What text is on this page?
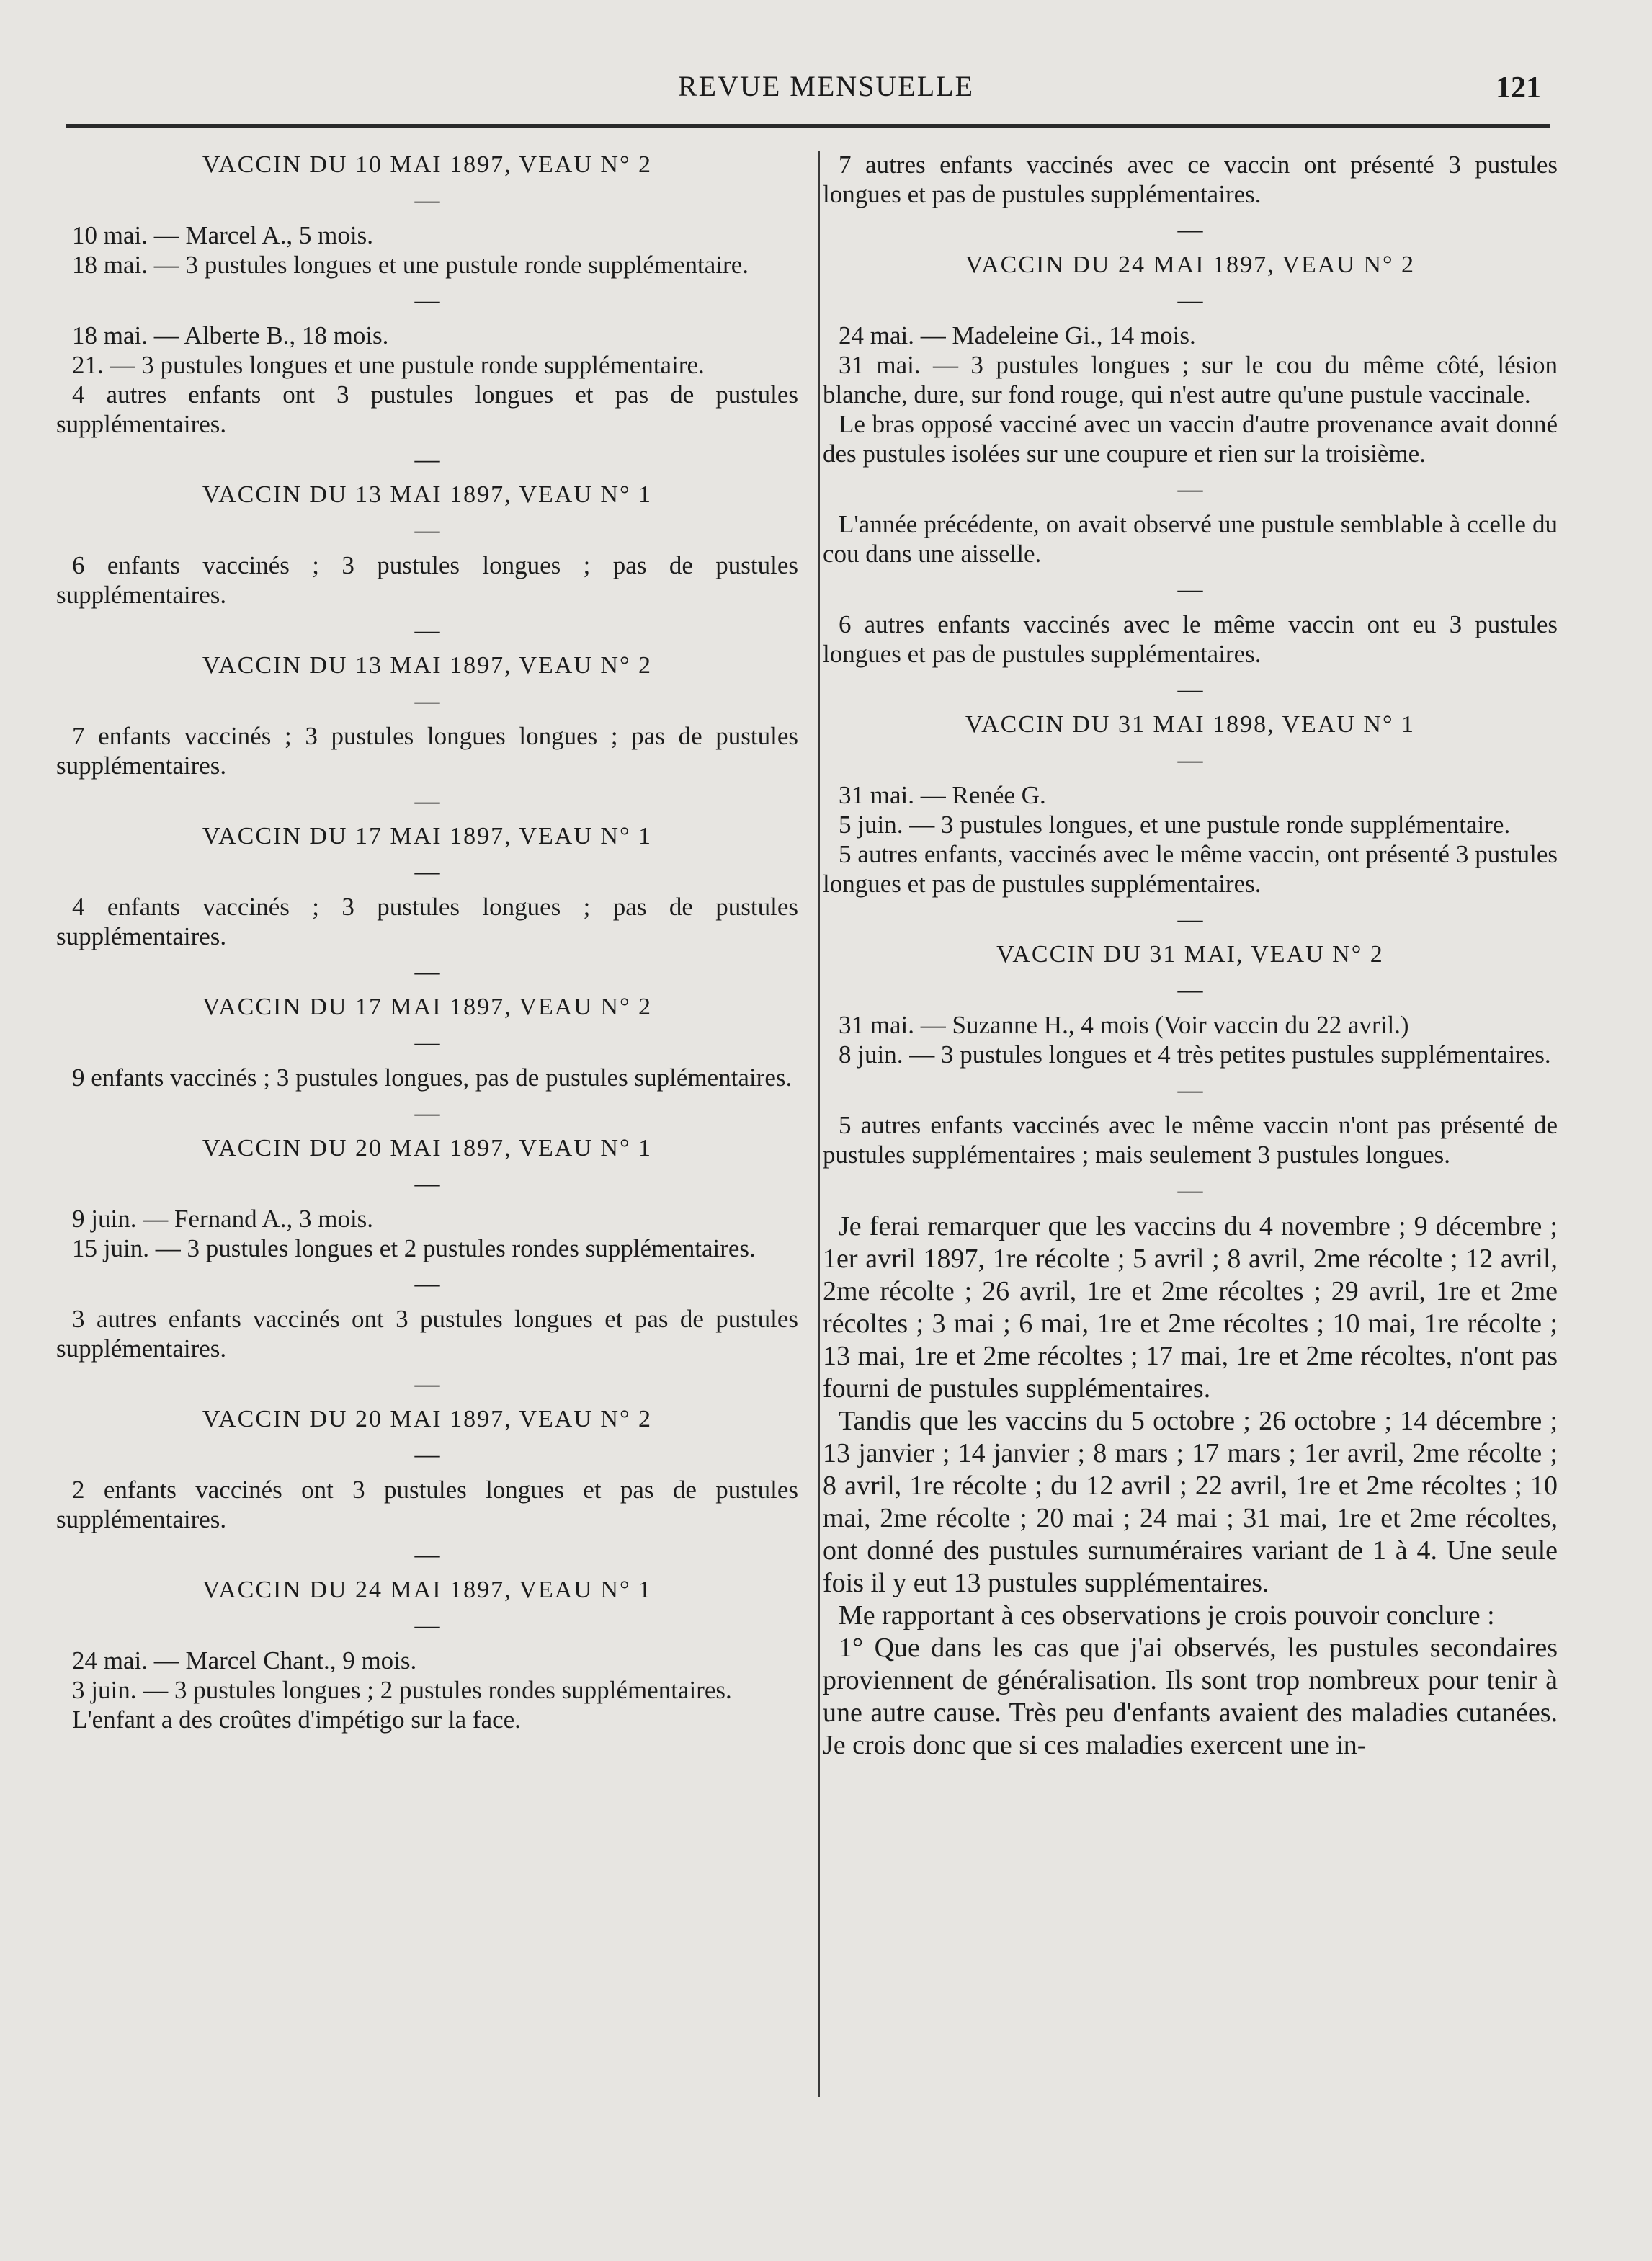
REVUE MENSUELLE	121
VACCIN DU 10 MAI 1897, VEAU N° 2
—
10 mai. — Marcel A., 5 mois.
18 mai. — 3 pustules longues et une pustule ronde supplémentaire.
—
18 mai. — Alberte B., 18 mois.
21. — 3 pustules longues et une pustule ronde supplémentaire.
4 autres enfants ont 3 pustules longues et pas de pustules supplémentaires.
—
VACCIN DU 13 MAI 1897, VEAU N° 1
—
6 enfants vaccinés ; 3 pustules longues ; pas de pustules supplémentaires.
—
VACCIN DU 13 MAI 1897, VEAU N° 2
—
7 enfants vaccinés ; 3 pustules longues longues ; pas de pustules supplémentaires.
—
VACCIN DU 17 MAI 1897, VEAU N° 1
—
4 enfants vaccinés ; 3 pustules longues ; pas de pustules supplémentaires.
—
VACCIN DU 17 MAI 1897, VEAU N° 2
—
9 enfants vaccinés ; 3 pustules longues, pas de pustules suplémentaires.
—
VACCIN DU 20 MAI 1897, VEAU N° 1
—
9 juin. — Fernand A., 3 mois.
15 juin. — 3 pustules longues et 2 pustules rondes supplémentaires.
—
3 autres enfants vaccinés ont 3 pustules longues et pas de pustules supplémentaires.
—
VACCIN DU 20 MAI 1897, VEAU N° 2
—
2 enfants vaccinés ont 3 pustules longues et pas de pustules supplémentaires.
—
VACCIN DU 24 MAI 1897, VEAU N° 1
—
24 mai. — Marcel Chant., 9 mois.
3 juin. — 3 pustules longues ; 2 pustules rondes supplémentaires.
L'enfant a des croûtes d'impétigo sur la face.
7 autres enfants vaccinés avec ce vaccin ont présenté 3 pustules longues et pas de pustules supplémentaires.
—
VACCIN DU 24 MAI 1897, VEAU N° 2
—
24 mai. — Madeleine Gi., 14 mois.
31 mai. — 3 pustules longues ; sur le cou du même côté, lésion blanche, dure, sur fond rouge, qui n'est autre qu'une pustule vaccinale.
Le bras opposé vacciné avec un vaccin d'autre provenance avait donné des pustules isolées sur une coupure et rien sur la troisième.
—
L'année précédente, on avait observé une pustule semblable à ccelle du cou dans une aisselle.
—
6 autres enfants vaccinés avec le même vaccin ont eu 3 pustules longues et pas de pustules supplémentaires.
—
VACCIN DU 31 MAI 1898, VEAU N° 1
—
31 mai. — Renée G.
5 juin. — 3 pustules longues, et une pustule ronde supplémentaire.
5 autres enfants, vaccinés avec le même vaccin, ont présenté 3 pustules longues et pas de pustules supplémentaires.
—
VACCIN DU 31 MAI, VEAU N° 2
—
31 mai. — Suzanne H., 4 mois (Voir vaccin du 22 avril.)
8 juin. — 3 pustules longues et 4 très petites pustules supplémentaires.
—
5 autres enfants vaccinés avec le même vaccin n'ont pas présenté de pustules supplémentaires ; mais seulement 3 pustules longues.
—
Je ferai remarquer que les vaccins du 4 novembre ; 9 décembre ; 1er avril 1897, 1re récolte ; 5 avril ; 8 avril, 2me récolte ; 12 avril, 2me récolte ; 26 avril, 1re et 2me récoltes ; 29 avril, 1re et 2me récoltes ; 3 mai ; 6 mai, 1re et 2me récoltes ; 10 mai, 1re récolte ; 13 mai, 1re et 2me récoltes ; 17 mai, 1re et 2me récoltes, n'ont pas fourni de pustules supplémentaires.
Tandis que les vaccins du 5 octobre ; 26 octobre ; 14 décembre ; 13 janvier ; 14 janvier ; 8 mars ; 17 mars ; 1er avril, 2me récolte ; 8 avril, 1re récolte ; du 12 avril ; 22 avril, 1re et 2me récoltes ; 10 mai, 2me récolte ; 20 mai ; 24 mai ; 31 mai, 1re et 2me récoltes, ont donné des pustules surnuméraires variant de 1 à 4. Une seule fois il y eut 13 pustules supplémentaires.
Me rapportant à ces observations je crois pouvoir conclure :
1° Que dans les cas que j'ai observés, les pustules secondaires proviennent de généralisation. Ils sont trop nombreux pour tenir à une autre cause. Très peu d'enfants avaient des maladies cutanées. Je crois donc que si ces maladies exercent une in-
